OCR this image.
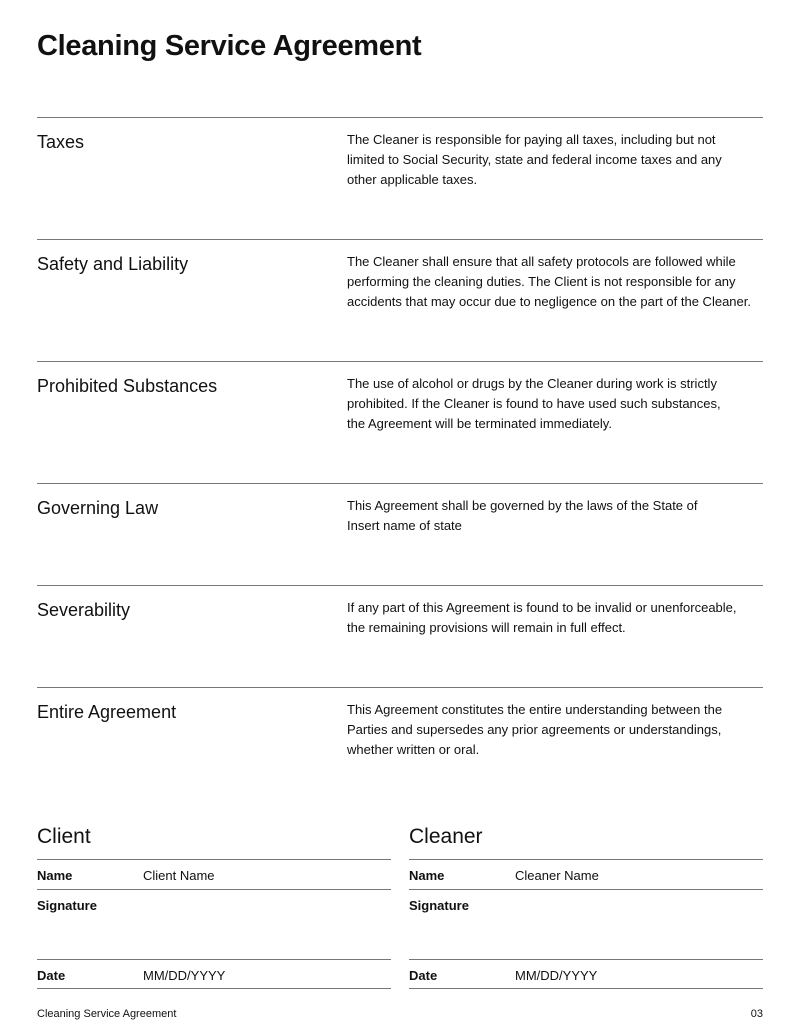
Cleaning Service Agreement
Taxes	The Cleaner is responsible for paying all taxes, including but not limited to Social Security, state and federal income taxes and any other applicable taxes.
Safety and Liability	The Cleaner shall ensure that all safety protocols are followed while performing the cleaning duties. The Client is not responsible for any accidents that may occur due to negligence on the part of the Cleaner.
Prohibited Substances	The use of alcohol or drugs by the Cleaner during work is strictly prohibited. If the Cleaner is found to have used such substances, the Agreement will be terminated immediately.
Governing Law	This Agreement shall be governed by the laws of the State of Insert name of state
Severability	If any part of this Agreement is found to be invalid or unenforceable, the remaining provisions will remain in full effect.
Entire Agreement	This Agreement constitutes the entire understanding between the Parties and supersedes any prior agreements or understandings, whether written or oral.
Client
Name	Client Name
Signature
Date	MM/DD/YYYY
Cleaner
Name	Cleaner Name
Signature
Date	MM/DD/YYYY
Cleaning Service Agreement	03
